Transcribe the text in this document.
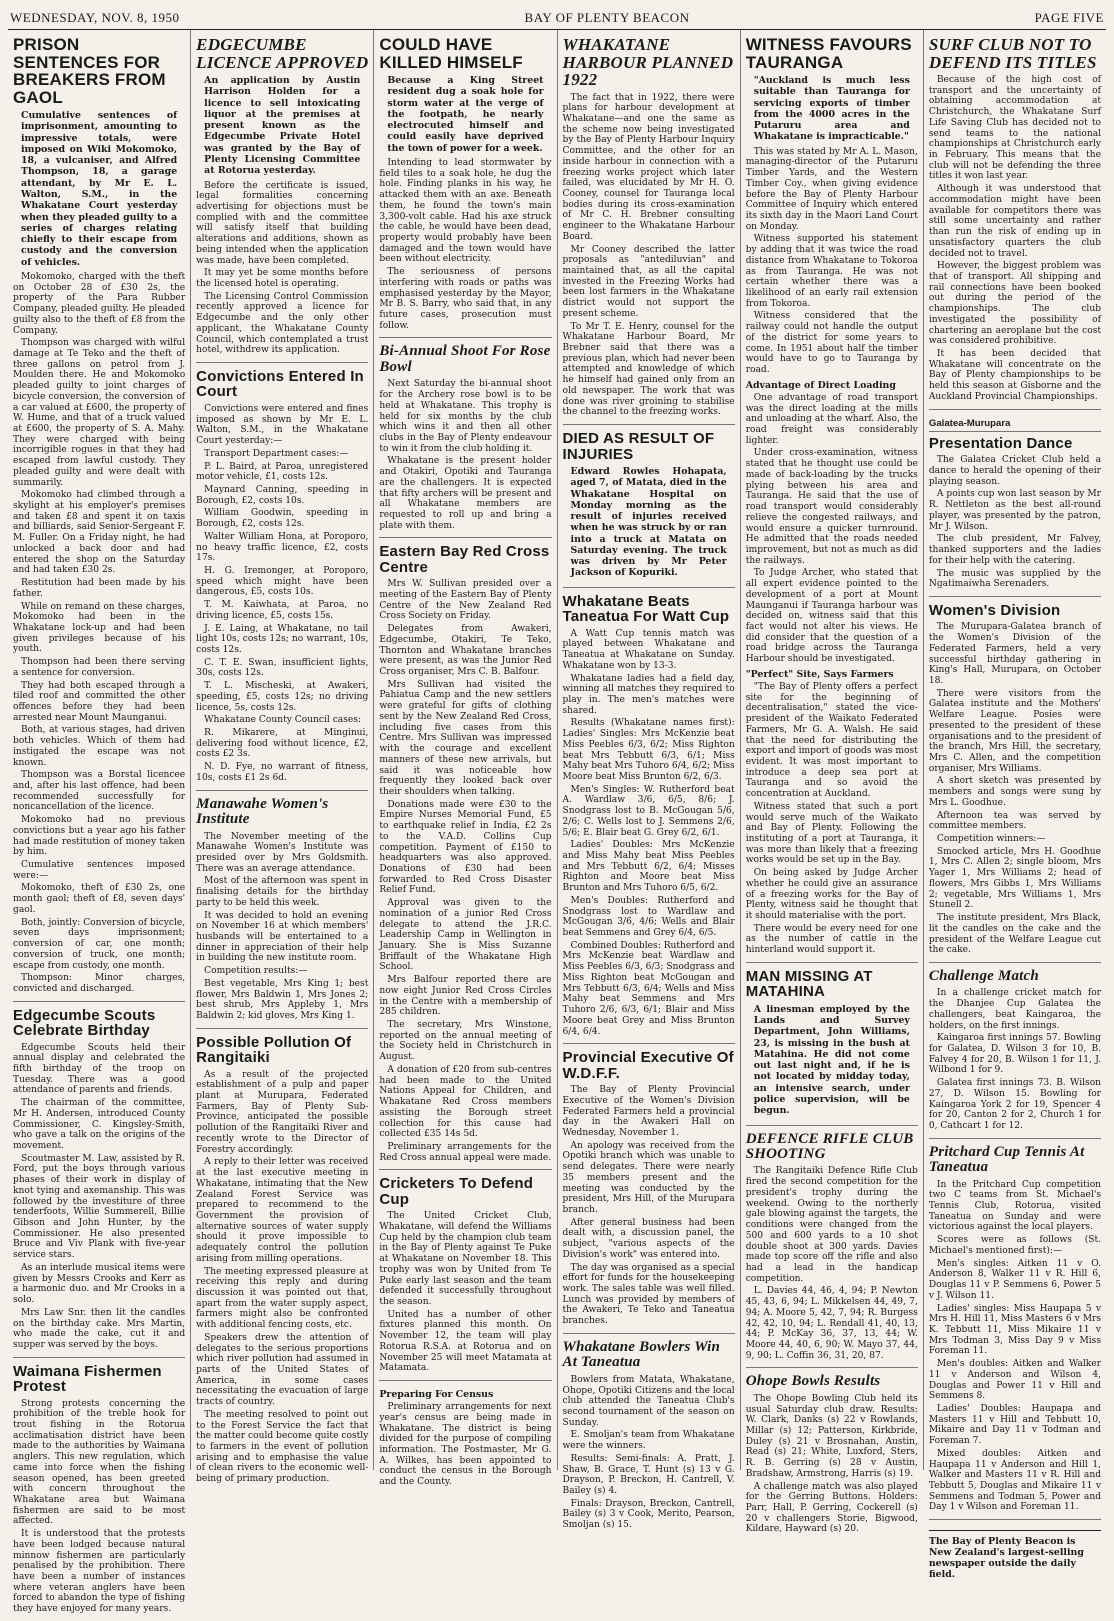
WEDNESDAY, NOV. 8, 1950	BAY OF PLENTY BEACON	PAGE FIVE
PRISON SENTENCES FOR BREAKERS FROM GAOL
Cumulative sentences of imprisonment, amounting to impressive totals, were imposed on Wiki Mokomoko, 18, a vulcaniser, and Alfred Thompson, 18, a garage attendant, by Mr E. L. Walton, S.M., in the Whakatane Court yesterday when they pleaded guilty to a series of charges relating chiefly to their escape from custody and the conversion of vehicles.

Mokomoko, charged with the theft on October 28 of £30 2s, the property of the Para Rubber Company, pleaded guilty. He pleaded guilty also to the theft of £8 from the Company.

Thompson was charged with wilful damage at Te Teko and the theft of three gallons on petrol from J. Moulden there. He and Mokomoko pleaded guilty to joint charges of bicycle conversion, the conversion of a car valued at £600, the property of W. Hume, and that of a truck valued at £600, the property of S. A. Mahy. They were charged with being incorrigible rogues in that they had escaped from lawful custody. They pleaded guilty and were dealt with summarily.

Mokomoko had climbed through a skylight at his employer's premises and taken £8 and spent it on taxis and billiards, said Senior-Sergeant F. M. Fuller. On a Friday night, he had unlocked a back door and had entered the shop on the Saturday and had taken £30 2s.

Restitution had been made by his father.

While on remand on these charges, Mokomoko had been in the Whakatane lock-up and had been given privileges because of his youth.

Thompson had been there serving a sentence for conversion.

They had both escaped through a tiled roof and committed the other offences before they had been arrested near Mount Maunganui.

Both, at various stages, had driven both vehicles. Which of them had instigated the escape was not known.

Thompson was a Borstal licencee and, after his last offence, had been recommended successfully for noncancellation of the licence.

Mokomoko had no previous convictions but a year ago his father had made restitution of money taken by him.

Cumulative sentences imposed were:—

Mokomoko, theft of £30 2s, one month gaol; theft of £8, seven days' gaol.

Both, jointly: Conversion of bicycle, seven days imprisonment; conversion of car, one month; conversion of truck, one month; escape from custody, one month.

Thompson: Minor charges, convicted and discharged.

Edgecumbe Scouts Celebrate Birthday

Edgecumbe Scouts held their annual display and celebrated the fifth birthday of the troop on Tuesday. There was a good attendance of parents and friends.

The chairman of the committee, Mr H. Andersen, introduced County Commissioner, C. Kingsley-Smith, who gave a talk on the origins of the movement.

Scoutmaster M. Law, assisted by R. Ford, put the boys through various phases of their work in display of knot tying and axemanship. This was followed by the investiture of three tenderfoots, Willie Summerell, Billie Gibson and John Hunter, by the Commissioner. He also presented Bruce and Viv Plank with five-year service stars.

As an interlude musical items were given by Messrs Crooks and Kerr as a harmonic duo. and Mr Crooks in a solo.

Mrs Law Snr. then lit the candles on the birthday cake. Mrs Martin, who made the cake, cut it and supper was served by the boys.

Waimana Fishermen Protest

Strong protests concerning the prohibition of the treble hook for trout fishing in the Rotorua acclimatisation district have been made to the authorities by Waimana anglers. This new regulation, which came into force when the fishing season opened, has been greeted with concern throughout the Whakatane area but Waimana fishermen are said to be most affected.

It is understood that the protests have been lodged because natural minnow fishermen are particularly penalised by the prohibition. There have been a number of instances where veteran anglers have been forced to abandon the type of fishing they have enjoyed for many years.

EDGECUMBE LICENCE APPROVED
An application by Austin Harrison Holden for a licence to sell intoxicating liquor at the premises at present known as the Edgecumbe Private Hotel was granted by the Bay of Plenty Licensing Committee at Rotorua yesterday.

Before the certificate is issued, legal formalities concerning advertising for objections must be complied with and the committee will satisfy itself that building alterations and additions, shown as being intended when the application was made, have been completed.

It may yet be some months before the licensed hotel is operating.

The Licensing Control Commission recently approved a licence for Edgecumbe and the only other applicant, the Whakatane County Council, which contemplated a trust hotel, withdrew its application.

Convictions Entered In Court

Convictions were entered and fines imposed as shown by Mr E. L. Walton, S.M., in the Whakatane Court yesterday:—

Transport Department cases:—

P. L. Baird, at Paroa, unregistered motor vehicle, £1, costs 12s.

Maynard Canning, speeding in Borough, £2, costs 10s.

William Goodwin, speeding in Borough, £2, costs 12s.

Walter William Hona, at Poroporo, no heavy traffic licence, £2, costs 17s.

H. G. Iremonger, at Poroporo, speed which might have been dangerous, £5, costs 10s.

T. M. Kaiwhata, at Paroa, no driving licence, £5, costs 15s.

J. E. Laing, at Whakatane, no tail light 10s, costs 12s; no warrant, 10s, costs 12s.

C. T. E. Swan, insufficient lights, 30s, costs 12s.

T. L. Mischeski, at Awakeri, speeding, £5, costs 12s; no driving licence, 5s, costs 12s.

Whakatane County Council cases:

R. Mikarere, at Minginui, delivering food without licence, £2, costs £2 3s.

N. D. Fye, no warrant of fitness, 10s, costs £1 2s 6d.

Manawahe Women's Institute

The November meeting of the Manawahe Women's Institute was presided over by Mrs Goldsmith. There was an average attendance.

Most of the afternoon was spent in finalising details for the birthday party to be held this week.

It was decided to hold an evening on November 16 at which members' husbands will be entertained to a dinner in appreciation of their help in building the new institute room.

Competition results:—

Best vegetable, Mrs King 1; best flower, Mrs Baldwin 1, Mrs Jones 2; best shrub, Mrs Appleby 1, Mrs Baldwin 2; kid gloves, Mrs King 1.

Possible Pollution Of Rangitaiki

As a result of the projected establishment of a pulp and paper plant at Murupara, Federated Farmers, Bay of Plenty Sub-Province, anticipated the possible pollution of the Rangitaiki River and recently wrote to the Director of Forestry accordingly.

A reply to their letter was received at the last executive meeting in Whakatane, intimating that the New Zealand Forest Service was prepared to recommend to the Government the provision of alternative sources of water supply should it prove impossible to adequately control the pollution arising from milling operations.

The meeting expressed pleasure at receiving this reply and during discussion it was pointed out that, apart from the water supply aspect, farmers might also be confronted with additional fencing costs, etc.

Speakers drew the attention of delegates to the serious proportions which river pollution had assumed in parts of the United States of America, in some cases necessitating the evacuation of large tracts of country.

The meeting resolved to point out to the Forest Service the fact that the matter could become quite costly to farmers in the event of pollution arising and to emphasise the value of clean rivers to the economic well-being of primary production.

COULD HAVE KILLED HIMSELF
Because a King Street resident dug a soak hole for storm water at the verge of the footpath, he nearly electrocuted himself and could easily have deprived the town of power for a week.

Intending to lead stormwater by field tiles to a soak hole, he dug the hole. Finding planks in his way, he attacked them with an axe. Beneath them, he found the town's main 3,300-volt cable. Had his axe struck the cable, he would have been dead, property would probably have been damaged and the town would have been without electricity.

The seriousness of persons interfering with roads or paths was emphasised yesterday by the Mayor, Mr B. S. Barry, who said that, in any future cases, prosecution must follow.

Bi-Annual Shoot For Rose Bowl

Next Saturday the bi-annual shoot for the Archery rose bowl is to be held at Whakatane. This trophy is held for six months by the club which wins it and then all other clubs in the Bay of Plenty endeavour to win it from the club holding it.

Whakatane is the present holder and Otakiri, Opotiki and Tauranga are the challengers. It is expected that fifty archers will be present and all Whakatane members are requested to roll up and bring a plate with them.

Eastern Bay Red Cross Centre

Mrs W. Sullivan presided over a meeting of the Eastern Bay of Plenty Centre of the New Zealand Red Cross Society on Friday.

Delegates from Awakeri, Edgecumbe, Otakiri, Te Teko, Thornton and Whakatane branches were present, as was the Junior Red Cross organiser, Mrs C. B. Balfour.

Mrs Sullivan had visited the Pahiatua Camp and the new settlers were grateful for gifts of clothing sent by the New Zealand Red Cross, including five cases from this Centre. Mrs Sullivan was impressed with the courage and excellent manners of these new arrivals, but said it was noticeable how frequently they looked back over their shoulders when talking.

Donations made were £30 to the Empire Nurses Memorial Fund, £5 to earthquake relief in India, £2 2s to the V.A.D. Collins Cup competition. Payment of £150 to headquarters was also approved. Donations of £30 had been forwarded to Red Cross Disaster Relief Fund.

Approval was given to the nomination of a junior Red Cross delegate to attend the J.R.C. Leadership Camp in Wellington in January. She is Miss Suzanne Briffault of the Whakatane High School.

Mrs Balfour reported there are now eight Junior Red Cross Circles in the Centre with a membership of 285 children.

The secretary, Mrs Winstone, reported on the annual meeting of the Society held in Christchurch in August.

A donation of £20 from sub-centres had been made to the United Nations Appeal for Children, and Whakatane Red Cross members assisting the Borough street collection for this cause had collected £35 14s 5d.

Preliminary arrangements for the Red Cross annual appeal were made.

Cricketers To Defend Cup

The United Cricket Club, Whakatane, will defend the Williams Cup held by the champion club team in the Bay of Plenty against Te Puke at Whakatane on November 18. This trophy was won by United from Te Puke early last season and the team defended it successfully throughout the season.

United has a number of other fixtures planned this month. On November 12, the team will play Rotorua R.S.A. at Rotorua and on November 25 will meet Matamata at Matamata.

Preparing For Census

Preliminary arrangements for next year's census are being made in Whakatane. The district is being divided for the purpose of compiling information. The Postmaster, Mr G. A. Wilkes, has been appointed to conduct the census in the Borough and the County.

WHAKATANE HARBOUR PLANNED 1922

The fact that in 1922, there were plans for harbour development at Whakatane—and one the same as the scheme now being investigated by the Bay of Plenty Harbour Inquiry Committee, and the other for an inside harbour in connection with a freezing works project which later failed, was elucidated by Mr H. O. Cooney, counsel for Tauranga local bodies during its cross-examination of Mr C. H. Brebner consulting engineer to the Whakatane Harbour Board.

Mr Cooney described the latter proposals as "antediluvian" and maintained that, as all the capital invested in the Freezing Works had been lost farmers in the Whakatane district would not support the present scheme.

To Mr T. E. Henry, counsel for the Whakatane Harbour Board, Mr Brebner said that there was a previous plan, which had never been attempted and knowledge of which he himself had gained only from an old newspaper. The work that was done was river groining to stabilise the channel to the freezing works.

DIED AS RESULT OF INJURIES
Edward Rowles Hohapata, aged 7, of Matata, died in the Whakatane Hospital on Monday morning as the result of injuries received when he was struck by or ran into a truck at Matata on Saturday evening. The truck was driven by Mr Peter Jackson of Kopuriki.
Whakatane Beats Taneatua For Watt Cup

A Watt Cup tennis match was played between Whakatane and Taneatua at Whakatane on Sunday. Whakatane won by 13-3.

Whakatane ladies had a field day, winning all matches they required to play in. The men's matches were shared.

Results (Whakatane names first): Ladies' Singles: Mrs McKenzie beat Miss Peebles 6/3, 6/2; Miss Righton beat Mrs Tebbutt 6/3, 6/1; Miss Mahy beat Mrs Tuhoro 6/4, 6/2; Miss Moore beat Miss Brunton 6/2, 6/3.

Men's Singles: W. Rutherford beat A. Wardlaw 3/6, 6/5, 8/6; J. Snodgrass lost to B. McGougan 5/6, 2/6; C. Wells lost to J. Semmens 2/6, 5/6; E. Blair beat G. Grey 6/2, 6/1.

Ladies' Doubles: Mrs McKenzie and Miss Mahy beat Miss Peebles and Mrs Tebbutt 6/2, 6/4; Misses Righton and Moore beat Miss Brunton and Mrs Tuhoro 6/5, 6/2.

Men's Doubles: Rutherford and Snodgrass lost to Wardlaw and McGougan 3/6, 4/6; Wells and Blair beat Semmens and Grey 6/4, 6/5.

Combined Doubles: Rutherford and Mrs McKenzie beat Wardlaw and Miss Peebles 6/3, 6/3; Snodgrass and Miss Righton beat McGougan and Mrs Tebbutt 6/3, 6/4; Wells and Miss Mahy beat Semmens and Mrs Tuhoro 2/6, 6/3, 6/1; Blair and Miss Moore beat Grey and Miss Brunton 6/4, 6/4.

Provincial Executive Of W.D.F.F.

The Bay of Plenty Provincial Executive of the Women's Division Federated Farmers held a provincial day in the Awakeri Hall on Wednesday, November 1.

An apology was received from the Opotiki branch which was unable to send delegates. There were nearly 35 members present and the meeting was conducted by the president, Mrs Hill, of the Murupara branch.

After general business had been dealt with, a discussion panel, the subject, "various aspects of the Division's work" was entered into.

The day was organised as a special effort for funds for the housekeeping work. The sales table was well filled. Lunch was provided by members of the Awakeri, Te Teko and Taneatua branches.

Whakatane Bowlers Win At Taneatua

Bowlers from Matata, Whakatane, Ohope, Opotiki Citizens and the local club attended the Taneatua Club's second tournament of the season on Sunday.

E. Smoljan's team from Whakatane were the winners.

Results: Semi-finals: A. Pratt, J. Shaw, B. Grace, T. Hunt (s) 13 v G. Drayson, P. Breckon, H. Cantrell, V. Bailey (s) 4.

Finals: Drayson, Breckon, Cantrell, Bailey (s) 3 v Cook, Merito, Pearson, Smoljan (s) 15.

WITNESS FAVOURS TAURANGA
"Auckland is much less suitable than Tauranga for servicing exports of timber from the 4000 acres in the Putaruru area and Whakatane is impracticable."

This was stated by Mr A. L. Mason, managing-director of the Putaruru Timber Yards, and the Western Timber Coy., when giving evidence before the Bay of Plenty Harbour Committee of Inquiry which entered its sixth day in the Maori Land Court on Monday.

Witness supported his statement by adding that it was twice the road distance from Whakatane to Tokoroa as from Tauranga. He was not certain whether there was a likelihood of an early rail extension from Tokoroa.

Witness considered that the railway could not handle the output of the district for some years to come. In 1951 about half the timber would have to go to Tauranga by road.

Advantage of Direct Loading

One advantage of road transport was the direct loading at the mills and unloading at the wharf. Also, the road freight was considerably lighter.

Under cross-examination, witness stated that he thought use could be made of back-loading by the trucks plying between his area and Tauranga. He said that the use of road transport would considerably relieve the congested railways, and would ensure a quicker turnround. He admitted that the roads needed improvement, but not as much as did the railways.

To Judge Archer, who stated that all expert evidence pointed to the development of a port at Mount Maunganui if Tauranga harbour was decided on, witness said that this fact would not alter his views. He did consider that the question of a road bridge across the Tauranga Harbour should be investigated.

"Perfect" Site, Says Farmers

"The Bay of Plenty offers a perfect site for the beginning of decentralisation," stated the vice-president of the Waikato Federated Farmers, Mr G. A. Walsh. He said that the need for distributing the export and import of goods was most evident. It was most important to introduce a deep sea port at Tauranga and so avoid the concentration at Auckland.

Witness stated that such a port would serve much of the Waikato and Bay of Plenty. Following the instituting of a port at Tauranga, it was more than likely that a freezing works would be set up in the Bay.

On being asked by Judge Archer whether he could give an assurance of a freezing works for the Bay of Plenty, witness said he thought that it should materialise with the port.

There would be every need for one as the number of cattle in the hinterland would support it.

MAN MISSING AT MATAHINA
A linesman employed by the Lands and Survey Department, John Williams, 23, is missing in the bush at Matahina. He did not come out last night and, if he is not located by midday today, an intensive search, under police supervision, will be begun.
DEFENCE RIFLE CLUB SHOOTING

The Rangitaiki Defence Rifle Club fired the second competition for the president's trophy during the weekend. Owing to the northerly gale blowing against the targets, the conditions were changed from the 500 and 600 yards to a 10 shot double shoot at 300 yards. Davies made top score off the rifle and also had a lead in the handicap competition.

L. Davies 44, 46, 4, 94; P. Newton 45, 43, 6, 94; L. Mikkelsen 44, 49, 7, 94; A. Moore 5, 42, 7, 94; R. Burgess 42, 42, 10, 94; L. Rendall 41, 40, 13, 44; P. McKay 36, 37, 13, 44; W. Moore 44, 40, 6, 90; W. Mayo 37, 44, 9, 90; L. Coffin 36, 31, 20, 87.

Ohope Bowls Results

The Ohope Bowling Club held its usual Saturday club draw. Results: W. Clark, Danks (s) 22 v Rowlands, Millar (s) 12; Patterson, Kirkbride, Duley (s) 21 v Brosnahan, Austin, Read (s) 21; White, Luxford, Sters, R. B. Gerring (s) 28 v Austin, Bradshaw, Armstrong, Harris (s) 19.

A challenge match was also played for the Gerring Buttons. Holders: Parr, Hall, P. Gerring, Cockerell (s) 20 v challengers Storie, Bigwood, Kildare, Hayward (s) 20.

SURF CLUB NOT TO DEFEND ITS TITLES

Because of the high cost of transport and the uncertainty of obtaining accommodation at Christchurch, the Whakatane Surf Life Saving Club has decided not to send teams to the national championships at Christchurch early in February. This means that the club will not be defending the three titles it won last year.

Although it was understood that accommodation might have been available for competitors there was still some uncertainty and rather than run the risk of ending up in unsatisfactory quarters the club decided not to travel.

However, the biggest problem was that of transport. All shipping and rail connections have been booked out during the period of the championships. The club investigated the possibility of chartering an aeroplane but the cost was considered prohibitive.

It has been decided that Whakatane will concentrate on the Bay of Plenty championships to be held this season at Gisborne and the Auckland Provincial Championships.

Galatea-Murupara
Presentation Dance

The Galatea Cricket Club held a dance to herald the opening of their playing season.

A points cup won last season by Mr R. Nettleton as the best all-round player, was presented by the patron, Mr J. Wilson.

The club president, Mr Falvey, thanked supporters and the ladies for their help with the catering.

The music was supplied by the Ngatimaiwha Serenaders.

Women's Division

The Murupara-Galatea branch of the Women's Division of the Federated Farmers, held a very successful birthday gathering in King's Hall, Murupara, on October 18.

There were visitors from the Galatea institute and the Mothers' Welfare League. Posies were presented to the president of these organisations and to the president of the branch, Mrs Hill, the secretary, Mrs C. Allen, and the competition organiser, Mrs Williams.

A short sketch was presented by members and songs were sung by Mrs L. Goodhue.

Afternoon tea was served by committee members.

Competition winners:—

Smocked article, Mrs H. Goodhue 1, Mrs C. Allen 2; single bloom, Mrs Yager 1, Mrs Williams 2; head of flowers, Mrs Gibbs 1, Mrs Williams 2; vegetable, Mrs Williams 1, Mrs Stunell 2.

The institute president, Mrs Black, lit the candles on the cake and the president of the Welfare League cut the cake.

Challenge Match

In a challenge cricket match for the Dhanjee Cup Galatea the challengers, beat Kaingaroa, the holders, on the first innings.

Kaingaroa first innings 57. Bowling for Galatea, D. Wilson 3 for 10, B. Falvey 4 for 20, B. Wilson 1 for 11, J. Wilbond 1 for 9.

Galatea first innings 73. B. Wilson 27, D. Wilson 15. Bowling for Kaingaroa York 2 for 19, Spencer 4 for 20, Canton 2 for 2, Church 1 for 0, Cathcart 1 for 12.

Pritchard Cup Tennis At Taneatua

In the Pritchard Cup competition two C teams from St. Michael's Tennis Club, Rotorua, visited Taneatua on Sunday and were victorious against the local players.

Scores were as follows (St. Michael's mentioned first):—

Men's singles: Aitken 11 v O. Anderson 8, Walker 11 v R. Hill 6, Douglas 11 v P. Semmens 6, Power 5 v J. Wilson 11.

Ladies' singles: Miss Haupapa 5 v Mrs H. Hill 11, Miss Masters 6 v Mrs K. Tebbutt 11, Miss Mikaire 11 v Mrs Todman 3, Miss Day 9 v Miss Foreman 11.

Men's doubles: Aitken and Walker 11 v Anderson and Wilson 4, Douglas and Power 11 v Hill and Semmens 8.

Ladies' Doubles: Haupapa and Masters 11 v Hill and Tebbutt 10, Mikaire and Day 11 v Todman and Foreman 7.

Mixed doubles: Aitken and Haupapa 11 v Anderson and Hill 1, Walker and Masters 11 v R. Hill and Tebbutt 5, Douglas and Mikaire 11 v Semmens and Todman 5, Power and Day 1 v Wilson and Foreman 11.

The Bay of Plenty Beacon is New Zealand's largest-selling newspaper outside the daily field.
